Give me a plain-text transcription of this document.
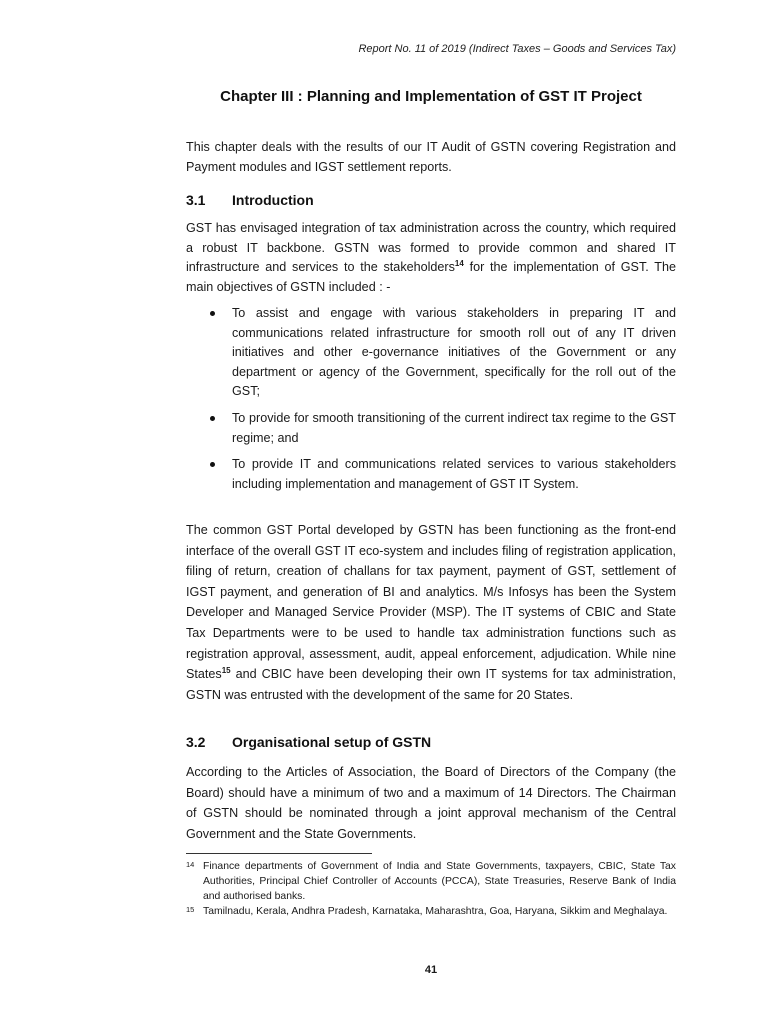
Report No. 11 of 2019 (Indirect Taxes – Goods and Services Tax)
Chapter III : Planning and Implementation of GST IT Project

This chapter deals with the results of our IT Audit of GSTN covering Registration and Payment modules and IGST settlement reports.

3.1 Introduction

GST has envisaged integration of tax administration across the country, which required a robust IT backbone. GSTN was formed to provide common and shared IT infrastructure and services to the stakeholders$^{14}$ for the implementation of GST. The main objectives of GSTN included : -

To assist and engage with various stakeholders in preparing IT and communications related infrastructure for smooth roll out of any IT driven initiatives and other e-governance initiatives of the Government or any department or agency of the Government, specifically for the roll out of the GST;
To provide for smooth transitioning of the current indirect tax regime to the GST regime; and
To provide IT and communications related services to various stakeholders including implementation and management of GST IT System.

The common GST Portal developed by GSTN has been functioning as the front-end interface of the overall GST IT eco-system and includes filing of registration application, filing of return, creation of challans for tax payment, payment of GST, settlement of IGST payment, and generation of BI and analytics. M/s Infosys has been the System Developer and Managed Service Provider (MSP). The IT systems of CBIC and State Tax Departments were to be used to handle tax administration functions such as registration approval, assessment, audit, appeal enforcement, adjudication. While nine States$^{15}$ and CBIC have been developing their own IT systems for tax administration, GSTN was entrusted with the development of the same for 20 States.

3.2 Organisational setup of GSTN

According to the Articles of Association, the Board of Directors of the Company (the Board) should have a minimum of two and a maximum of 14 Directors. The Chairman of GSTN should be nominated through a joint approval mechanism of the Central Government and the State Governments.

14 Finance departments of Government of India and State Governments, taxpayers, CBIC, State Tax Authorities, Principal Chief Controller of Accounts (PCCA), State Treasuries, Reserve Bank of India and authorised banks.
15 Tamilnadu, Kerala, Andhra Pradesh, Karnataka, Maharashtra, Goa, Haryana, Sikkim and Meghalaya.
41
